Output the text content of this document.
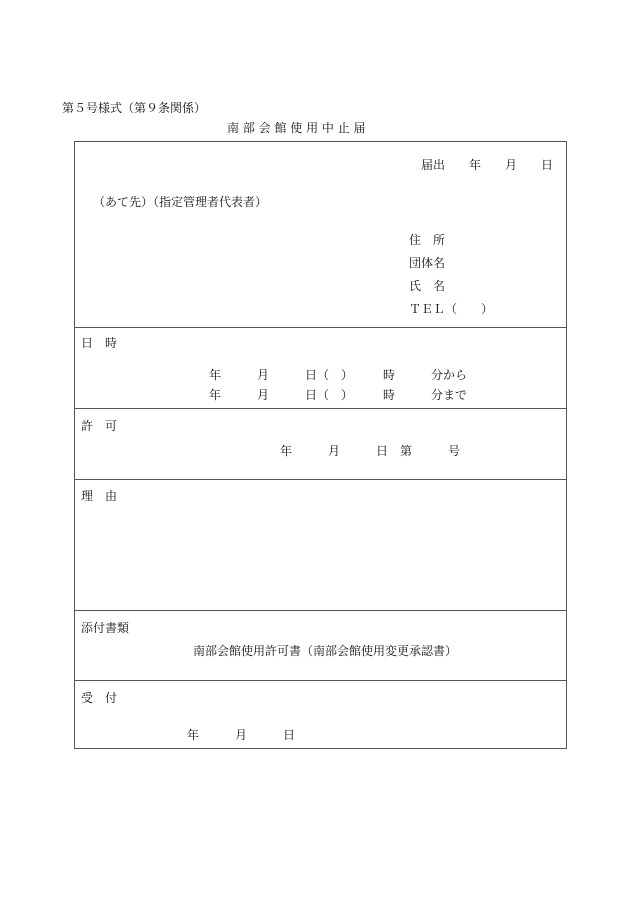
第５号様式（第９条関係）
南 部 会 館 使 用 中 止 届
届出　　年　　月　　日
（あて先）（指定管理者代表者）
住　所
団体名
氏　名
ＴＥＬ（　　）
日　時
年　　　月　　　日（　）　　　時　　　分から
年　　　月　　　日（　）　　　時　　　分まで
許　可
年　　　月　　　日　第　　　号
理　由
添付書類
南部会館使用許可書（南部会館使用変更承認書）
受　付
年　　　月　　　日
